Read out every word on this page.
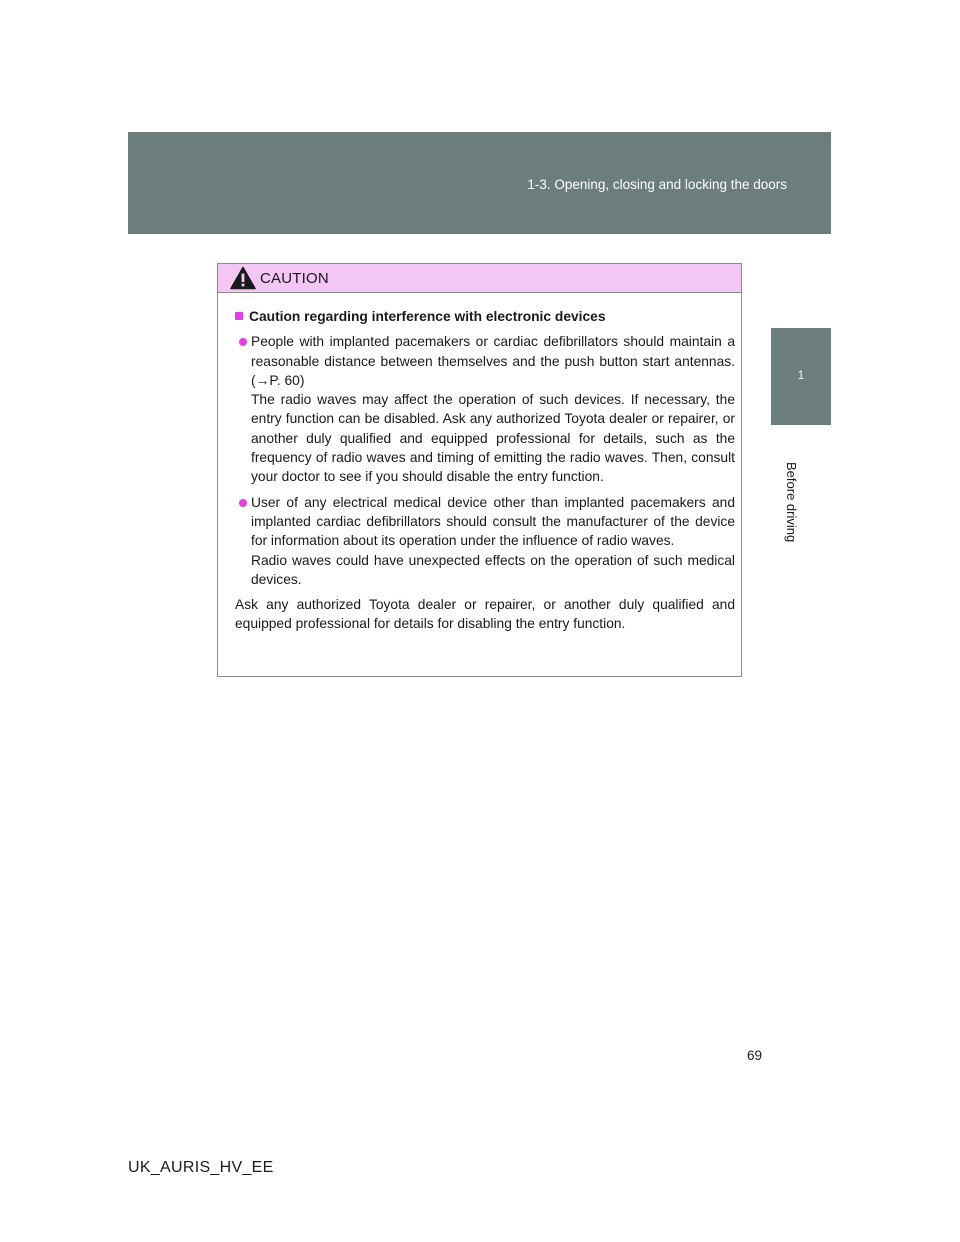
1-3. Opening, closing and locking the doors
1
Before driving
CAUTION
Caution regarding interference with electronic devices

People with implanted pacemakers or cardiac defibrillators should maintain a reasonable distance between themselves and the push button start antennas. (→P. 60)

The radio waves may affect the operation of such devices. If necessary, the entry function can be disabled. Ask any authorized Toyota dealer or repairer, or another duly qualified and equipped professional for details, such as the frequency of radio waves and timing of emitting the radio waves. Then, consult your doctor to see if you should disable the entry function.

User of any electrical medical device other than implanted pacemakers and implanted cardiac defibrillators should consult the manufacturer of the device for information about its operation under the influence of radio waves.

Radio waves could have unexpected effects on the operation of such medical devices.

Ask any authorized Toyota dealer or repairer, or another duly qualified and equipped professional for details for disabling the entry function.

69
UK_AURIS_HV_EE
